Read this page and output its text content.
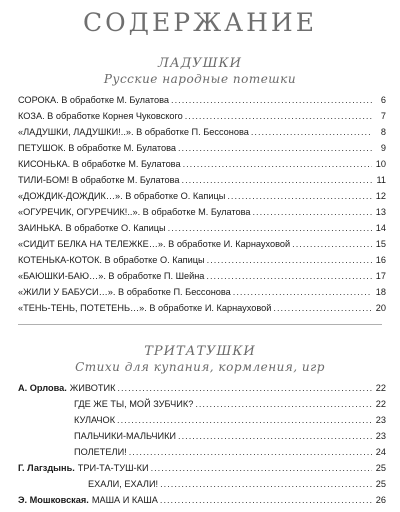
СОДЕРЖАНИЕ
ЛАДУШКИ
Русские народные потешки
СОРОКА. В обработке М. Булатова .....	6
КОЗА. В обработке Корнея Чуковского .....	7
«ЛАДУШКИ, ЛАДУШКИ!..». В обработке П. Бессонова .....	8
ПЕТУШОК. В обработке М. Булатова .....	9
КИСОНЬКА. В обработке М. Булатова .....	10
ТИЛИ-БОМ! В обработке М. Булатова .....	11
«ДОЖДИК-ДОЖДИК…». В обработке О. Капицы .....	12
«ОГУРЕЧИК, ОГУРЕЧИК!..». В обработке М. Булатова .....	13
ЗАИНЬКА. В обработке О. Капицы .....	14
«СИДИТ БЕЛКА НА ТЕЛЕЖКЕ…». В обработке И. Карнауховой .....	15
КОТЕНЬКА-КОТОК. В обработке О. Капицы .....	16
«БАЮШКИ-БАЮ…». В обработке П. Шейна .....	17
«ЖИЛИ У БАБУСИ…». В обработке П. Бессонова .....	18
«ТЕНЬ-ТЕНЬ, ПОТЕТЕНЬ…». В обработке И. Карнауховой .....	20
ТРИТАТУШКИ
Стихи для купания, кормления, игр
А. Орлова. ЖИВОТИК .....	22
ГДЕ ЖЕ ТЫ, МОЙ ЗУБЧИК? .....	22
КУЛАЧОК .....	23
ПАЛЬЧИКИ-МАЛЬЧИКИ .....	23
ПОЛЕТЕЛИ! .....	24
Г. Лагздынь. ТРИ-ТА-ТУШ-КИ .....	25
ЕХАЛИ, ЕХАЛИ! .....	25
Э. Мошковская. МАША И КАША .....	26
